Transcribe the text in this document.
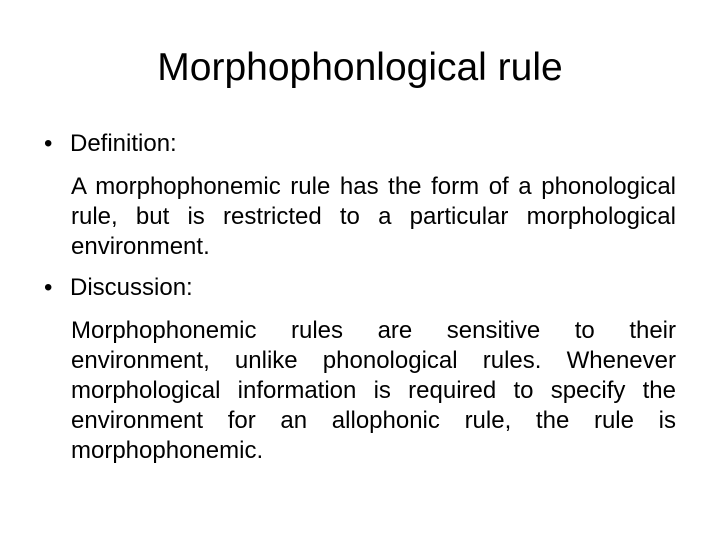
Morphophonlogical rule
• Definition:

A morphophonemic rule has the form of a phonological rule, but is restricted to a particular morphological environment.

• Discussion:

Morphophonemic rules are sensitive to their environment, unlike phonological rules. Whenever morphological information is required to specify the environment for an allophonic rule, the rule is morphophonemic.
